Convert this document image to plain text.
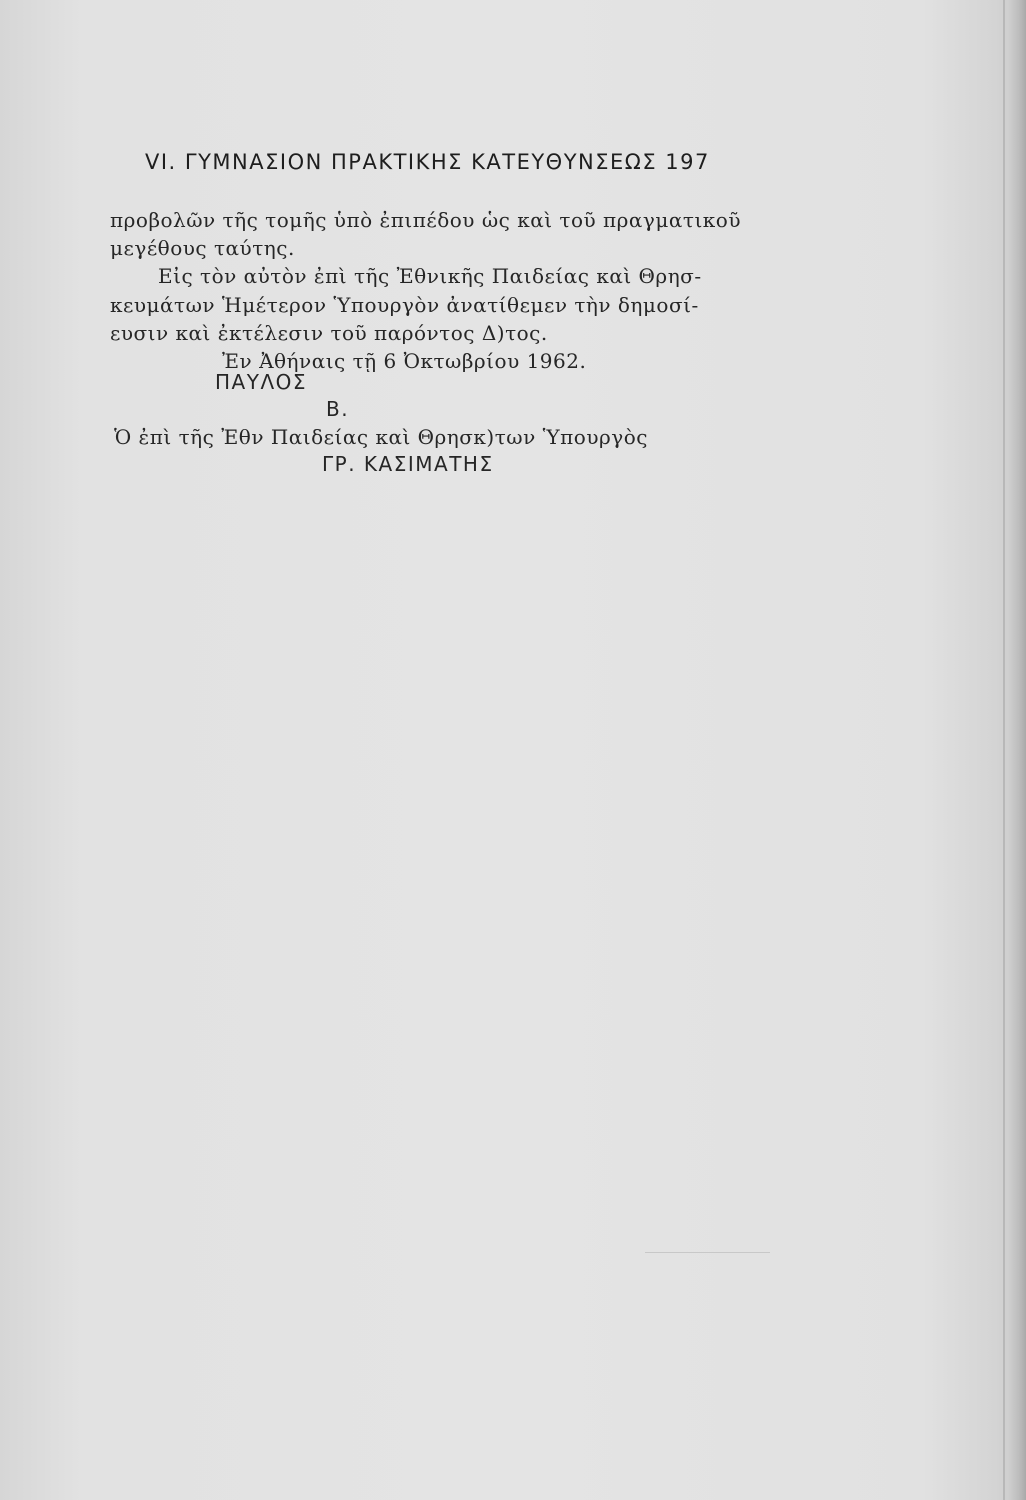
VI. ΓΥΜΝΑΣΙΟΝ ΠΡΑΚΤΙΚΗΣ ΚΑΤΕΥΘΥΝΣΕΩΣ 197
προβολῶν τῆς τομῆς ὑπὸ ἐπιπέδου ὡς καὶ τοῦ πραγματικοῦ
μεγέθους ταύτης.
Εἰς τὸν αὐτὸν ἐπὶ τῆς Ἐθνικῆς Παιδείας καὶ Θρησ-
κευμάτων Ἡμέτερον Ὑπουργὸν ἀνατίθεμεν τὴν δημοσί-
ευσιν καὶ ἐκτέλεσιν τοῦ παρόντος Δ)τος.
Ἐν Ἀθήναις τῇ 6 Ὀκτωβρίου 1962.
ΠΑΥΛΟΣ
Β.
Ὁ ἐπὶ τῆς Ἐθν Παιδείας καὶ Θρησκ)των Ὑπουργὸς
ΓΡ. ΚΑΣΙΜΑΤΗΣ
